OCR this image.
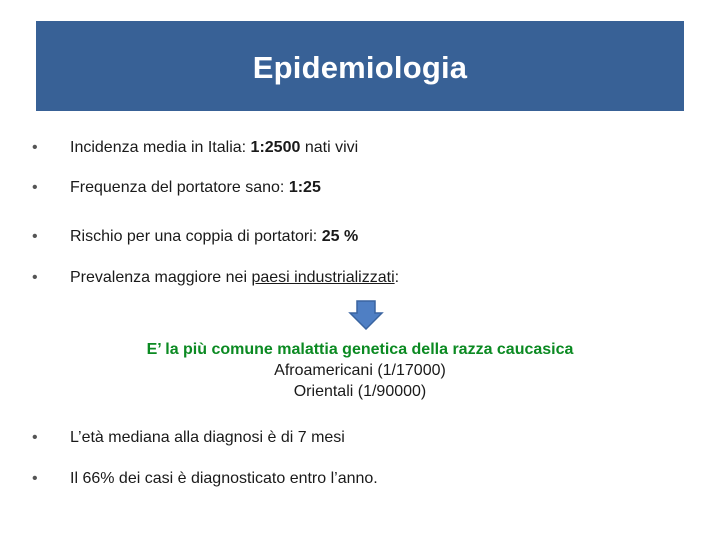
Epidemiologia
• Incidenza media in Italia: 1:2500 nati vivi
• Frequenza del portatore sano: 1:25
• Rischio per una coppia di portatori: 25 %
• Prevalenza maggiore nei paesi industrializzati:
E’ la più comune malattia genetica della razza caucasica
Afroamericani (1/17000)
Orientali (1/90000)
• L’età mediana alla diagnosi è di 7 mesi
• Il 66% dei casi è diagnosticato entro l’anno.
